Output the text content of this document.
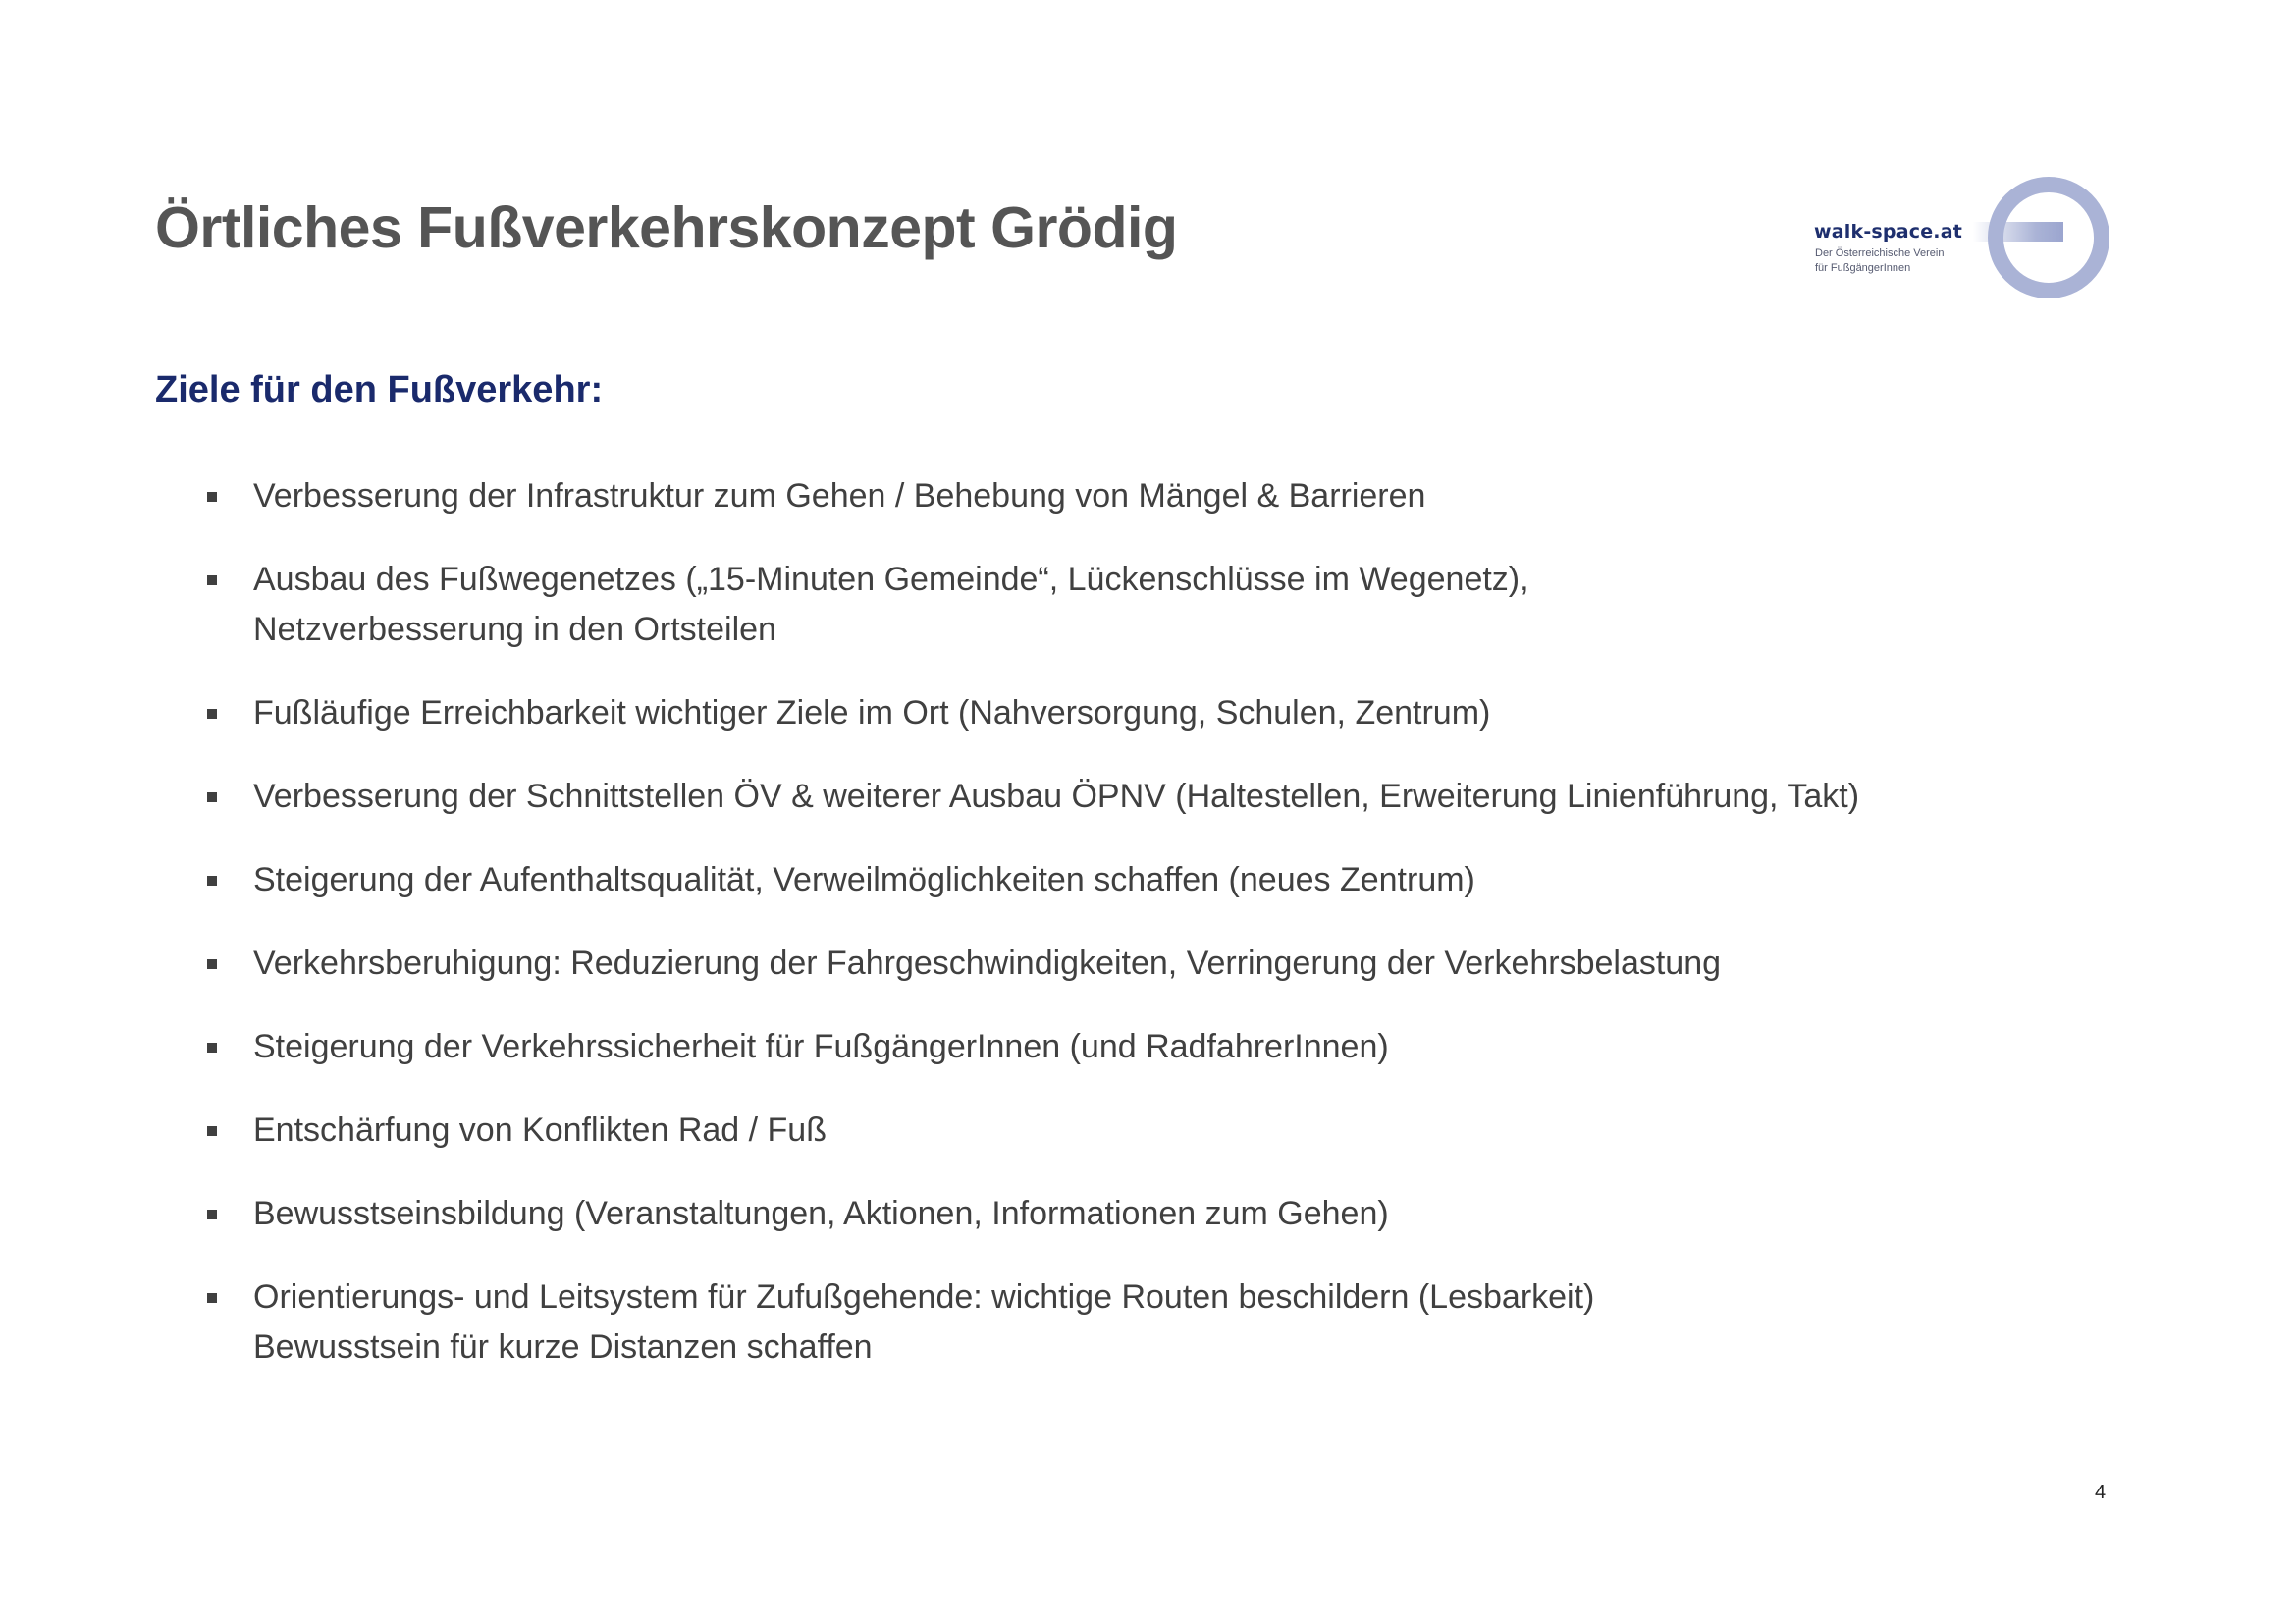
Örtliches Fußverkehrskonzept Grödig	walk-space.at
Der Österreichische Verein
für FußgängerInnen
Ziele für den Fußverkehr:
Verbesserung der Infrastruktur zum Gehen / Behebung von Mängel & Barrieren
Ausbau des Fußwegenetzes („15-Minuten Gemeinde“, Lückenschlüsse im Wegenetz),
Netzverbesserung in den Ortsteilen
Fußläufige Erreichbarkeit wichtiger Ziele im Ort (Nahversorgung, Schulen, Zentrum)
Verbesserung der Schnittstellen ÖV & weiterer Ausbau ÖPNV (Haltestellen, Erweiterung Linienführung, Takt)
Steigerung der Aufenthaltsqualität, Verweilmöglichkeiten schaffen (neues Zentrum)
Verkehrsberuhigung: Reduzierung der Fahrgeschwindigkeiten, Verringerung der Verkehrsbelastung
Steigerung der Verkehrssicherheit für FußgängerInnen (und RadfahrerInnen)
Entschärfung von Konflikten Rad / Fuß
Bewusstseinsbildung (Veranstaltungen, Aktionen, Informationen zum Gehen)
Orientierungs- und Leitsystem für Zufußgehende: wichtige Routen beschildern (Lesbarkeit)
Bewusstsein für kurze Distanzen schaffen
4
